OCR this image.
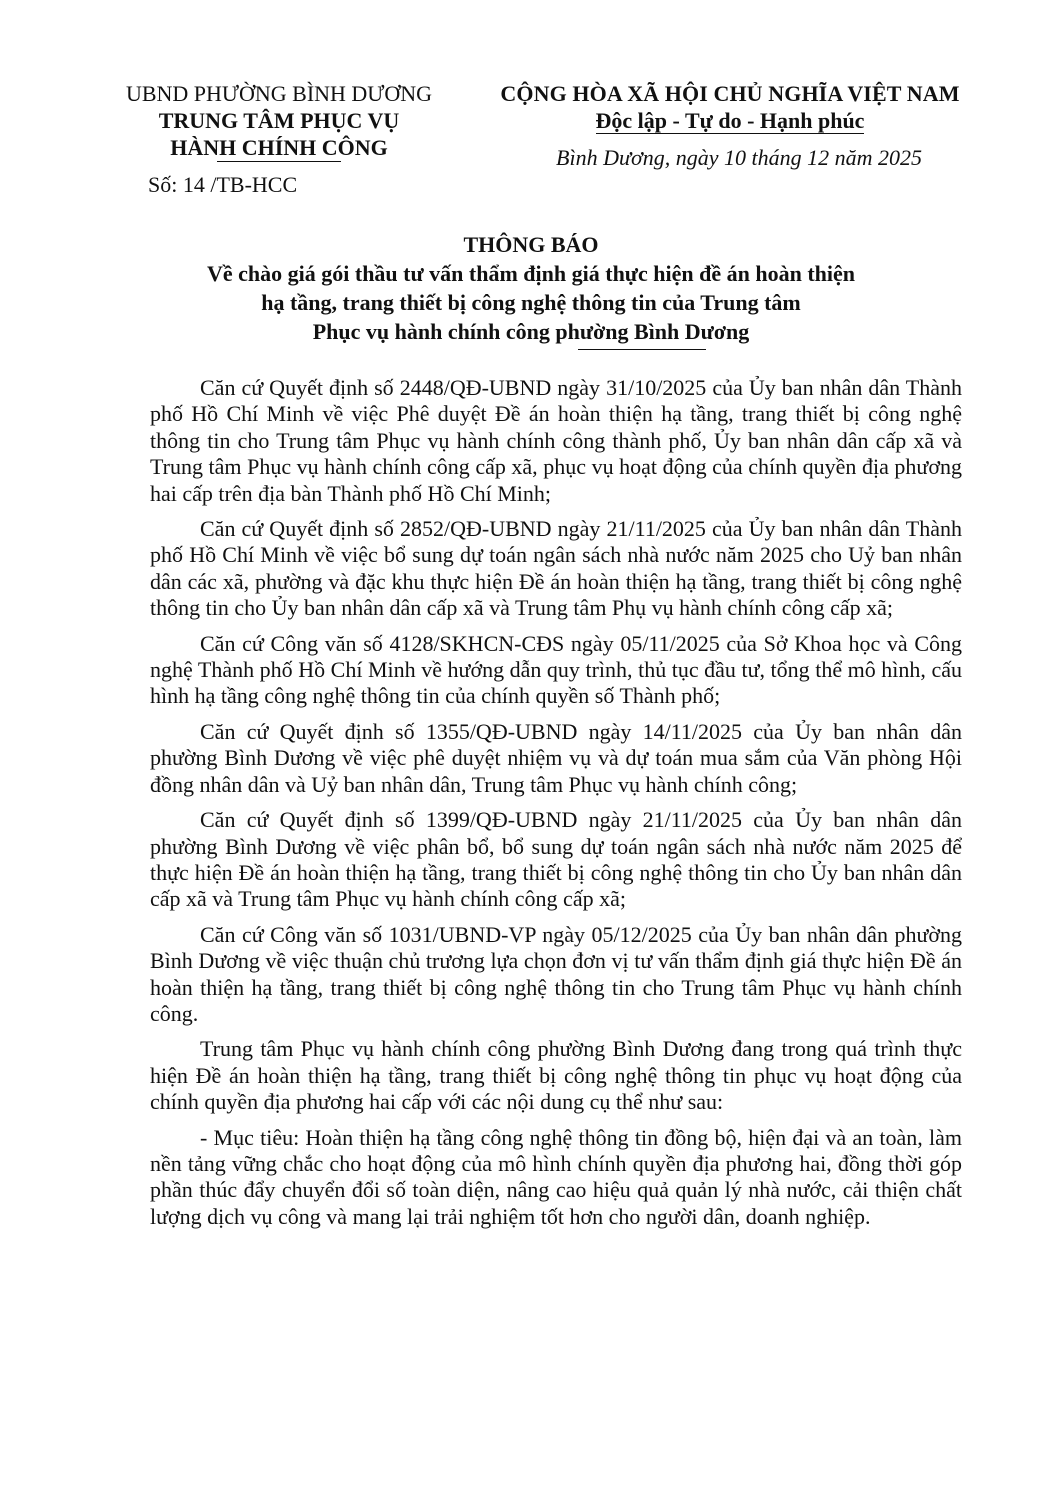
UBND PHƯỜNG BÌNH DƯƠNG
TRUNG TÂM PHỤC VỤ
HÀNH CHÍNH CÔNG
Số: 14 /TB-HCC
CỘNG HÒA XÃ HỘI CHỦ NGHĨA VIỆT NAM
Độc lập - Tự do - Hạnh phúc
Bình Dương, ngày 10 tháng 12 năm 2025
THÔNG BÁO
Về chào giá gói thầu tư vấn thẩm định giá thực hiện đề án hoàn thiện
hạ tầng, trang thiết bị công nghệ thông tin của Trung tâm
Phục vụ hành chính công phường Bình Dương

Căn cứ Quyết định số 2448/QĐ-UBND ngày 31/10/2025 của Ủy ban nhân dân Thành phố Hồ Chí Minh về việc Phê duyệt Đề án hoàn thiện hạ tầng, trang thiết bị công nghệ thông tin cho Trung tâm Phục vụ hành chính công thành phố, Ủy ban nhân dân cấp xã và Trung tâm Phục vụ hành chính công cấp xã, phục vụ hoạt động của chính quyền địa phương hai cấp trên địa bàn Thành phố Hồ Chí Minh;

Căn cứ Quyết định số 2852/QĐ-UBND ngày 21/11/2025 của Ủy ban nhân dân Thành phố Hồ Chí Minh về việc bổ sung dự toán ngân sách nhà nước năm 2025 cho Uỷ ban nhân dân các xã, phường và đặc khu thực hiện Đề án hoàn thiện hạ tầng, trang thiết bị công nghệ thông tin cho Ủy ban nhân dân cấp xã và Trung tâm Phụ vụ hành chính công cấp xã;

Căn cứ Công văn số 4128/SKHCN-CĐS ngày 05/11/2025 của Sở Khoa học và Công nghệ Thành phố Hồ Chí Minh về hướng dẫn quy trình, thủ tục đầu tư, tổng thể mô hình, cấu hình hạ tầng công nghệ thông tin của chính quyền số Thành phố;

Căn cứ Quyết định số 1355/QĐ-UBND ngày 14/11/2025 của Ủy ban nhân dân phường Bình Dương về việc phê duyệt nhiệm vụ và dự toán mua sắm của Văn phòng Hội đồng nhân dân và Uỷ ban nhân dân, Trung tâm Phục vụ hành chính công;

Căn cứ Quyết định số 1399/QĐ-UBND ngày 21/11/2025 của Ủy ban nhân dân phường Bình Dương về việc phân bổ, bổ sung dự toán ngân sách nhà nước năm 2025 để thực hiện Đề án hoàn thiện hạ tầng, trang thiết bị công nghệ thông tin cho Ủy ban nhân dân cấp xã và Trung tâm Phục vụ hành chính công cấp xã;

Căn cứ Công văn số 1031/UBND-VP ngày 05/12/2025 của Ủy ban nhân dân phường Bình Dương về việc thuận chủ trương lựa chọn đơn vị tư vấn thẩm định giá thực hiện Đề án hoàn thiện hạ tầng, trang thiết bị công nghệ thông tin cho Trung tâm Phục vụ hành chính công.

Trung tâm Phục vụ hành chính công phường Bình Dương đang trong quá trình thực hiện Đề án hoàn thiện hạ tầng, trang thiết bị công nghệ thông tin phục vụ hoạt động của chính quyền địa phương hai cấp với các nội dung cụ thể như sau:

- Mục tiêu: Hoàn thiện hạ tầng công nghệ thông tin đồng bộ, hiện đại và an toàn, làm nền tảng vững chắc cho hoạt động của mô hình chính quyền địa phương hai, đồng thời góp phần thúc đẩy chuyển đổi số toàn diện, nâng cao hiệu quả quản lý nhà nước, cải thiện chất lượng dịch vụ công và mang lại trải nghiệm tốt hơn cho người dân, doanh nghiệp.
